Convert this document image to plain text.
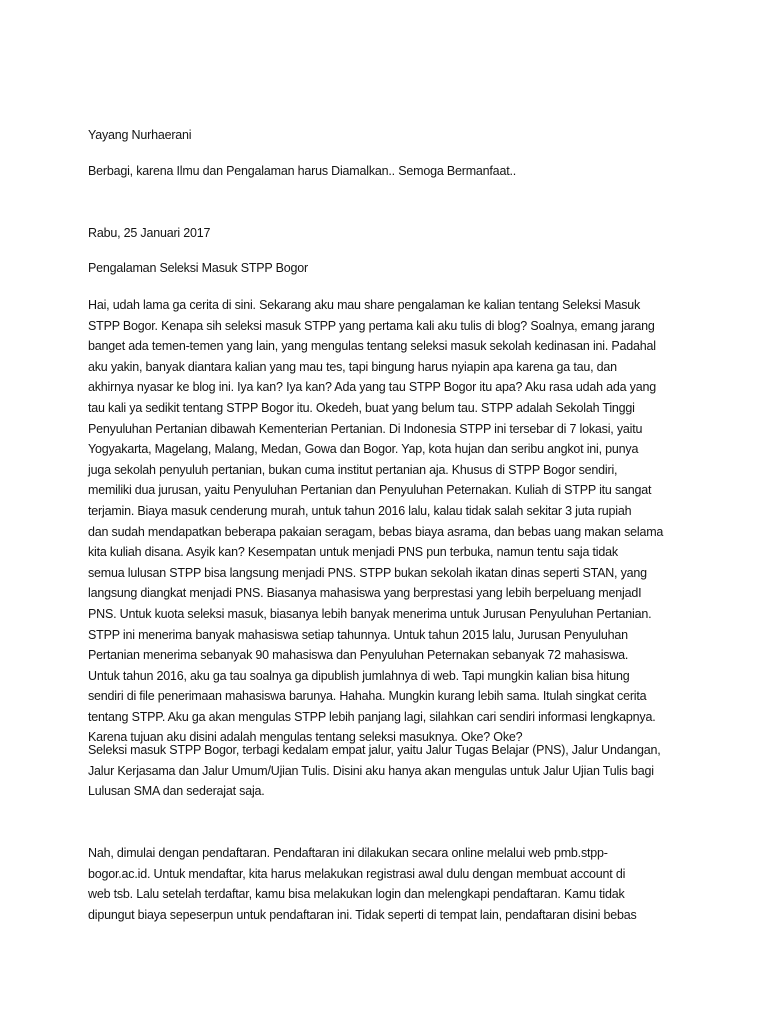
Yayang Nurhaerani
Berbagi, karena Ilmu dan Pengalaman harus Diamalkan.. Semoga Bermanfaat..
Rabu, 25 Januari 2017
Pengalaman Seleksi Masuk STPP Bogor
Hai, udah lama ga cerita di sini. Sekarang aku mau share pengalaman ke kalian tentang Seleksi Masuk
STPP Bogor. Kenapa sih seleksi masuk STPP yang pertama kali aku tulis di blog? Soalnya, emang jarang
banget ada temen-temen yang lain, yang mengulas tentang seleksi masuk sekolah kedinasan ini. Padahal
aku yakin, banyak diantara kalian yang mau tes, tapi bingung harus nyiapin apa karena ga tau, dan
akhirnya nyasar ke blog ini. Iya kan? Iya kan? Ada yang tau STPP Bogor itu apa? Aku rasa udah ada yang
tau kali ya sedikit tentang STPP Bogor itu. Okedeh, buat yang belum tau. STPP adalah Sekolah Tinggi
Penyuluhan Pertanian dibawah Kementerian Pertanian. Di Indonesia STPP ini tersebar di 7 lokasi, yaitu
Yogyakarta, Magelang, Malang, Medan, Gowa dan Bogor. Yap, kota hujan dan seribu angkot ini, punya
juga sekolah penyuluh pertanian, bukan cuma institut pertanian aja. Khusus di STPP Bogor sendiri,
memiliki dua jurusan, yaitu Penyuluhan Pertanian dan Penyuluhan Peternakan. Kuliah di STPP itu sangat
terjamin. Biaya masuk cenderung murah, untuk tahun 2016 lalu, kalau tidak salah sekitar 3 juta rupiah
dan sudah mendapatkan beberapa pakaian seragam, bebas biaya asrama, dan bebas uang makan selama
kita kuliah disana. Asyik kan? Kesempatan untuk menjadi PNS pun terbuka, namun tentu saja tidak
semua lulusan STPP bisa langsung menjadi PNS. STPP bukan sekolah ikatan dinas seperti STAN, yang
langsung diangkat menjadi PNS. Biasanya mahasiswa yang berprestasi yang lebih berpeluang menjadI
PNS. Untuk kuota seleksi masuk, biasanya lebih banyak menerima untuk Jurusan Penyuluhan Pertanian.
STPP ini menerima banyak mahasiswa setiap tahunnya. Untuk tahun 2015 lalu, Jurusan Penyuluhan
Pertanian menerima sebanyak 90 mahasiswa dan Penyuluhan Peternakan sebanyak 72 mahasiswa.
Untuk tahun 2016, aku ga tau soalnya ga dipublish jumlahnya di web. Tapi mungkin kalian bisa hitung
sendiri di file penerimaan mahasiswa barunya. Hahaha. Mungkin kurang lebih sama. Itulah singkat cerita
tentang STPP. Aku ga akan mengulas STPP lebih panjang lagi, silahkan cari sendiri informasi lengkapnya.
Karena tujuan aku disini adalah mengulas tentang seleksi masuknya. Oke? Oke?
Seleksi masuk STPP Bogor, terbagi kedalam empat jalur, yaitu Jalur Tugas Belajar (PNS), Jalur Undangan,
Jalur Kerjasama dan Jalur Umum/Ujian Tulis. Disini aku hanya akan mengulas untuk Jalur Ujian Tulis bagi
Lulusan SMA dan sederajat saja.
Nah, dimulai dengan pendaftaran. Pendaftaran ini dilakukan secara online melalui web pmb.stpp-
bogor.ac.id. Untuk mendaftar, kita harus melakukan registrasi awal dulu dengan membuat account di
web tsb. Lalu setelah terdaftar, kamu bisa melakukan login dan melengkapi pendaftaran. Kamu tidak
dipungut biaya sepeserpun untuk pendaftaran ini. Tidak seperti di tempat lain, pendaftaran disini bebas
